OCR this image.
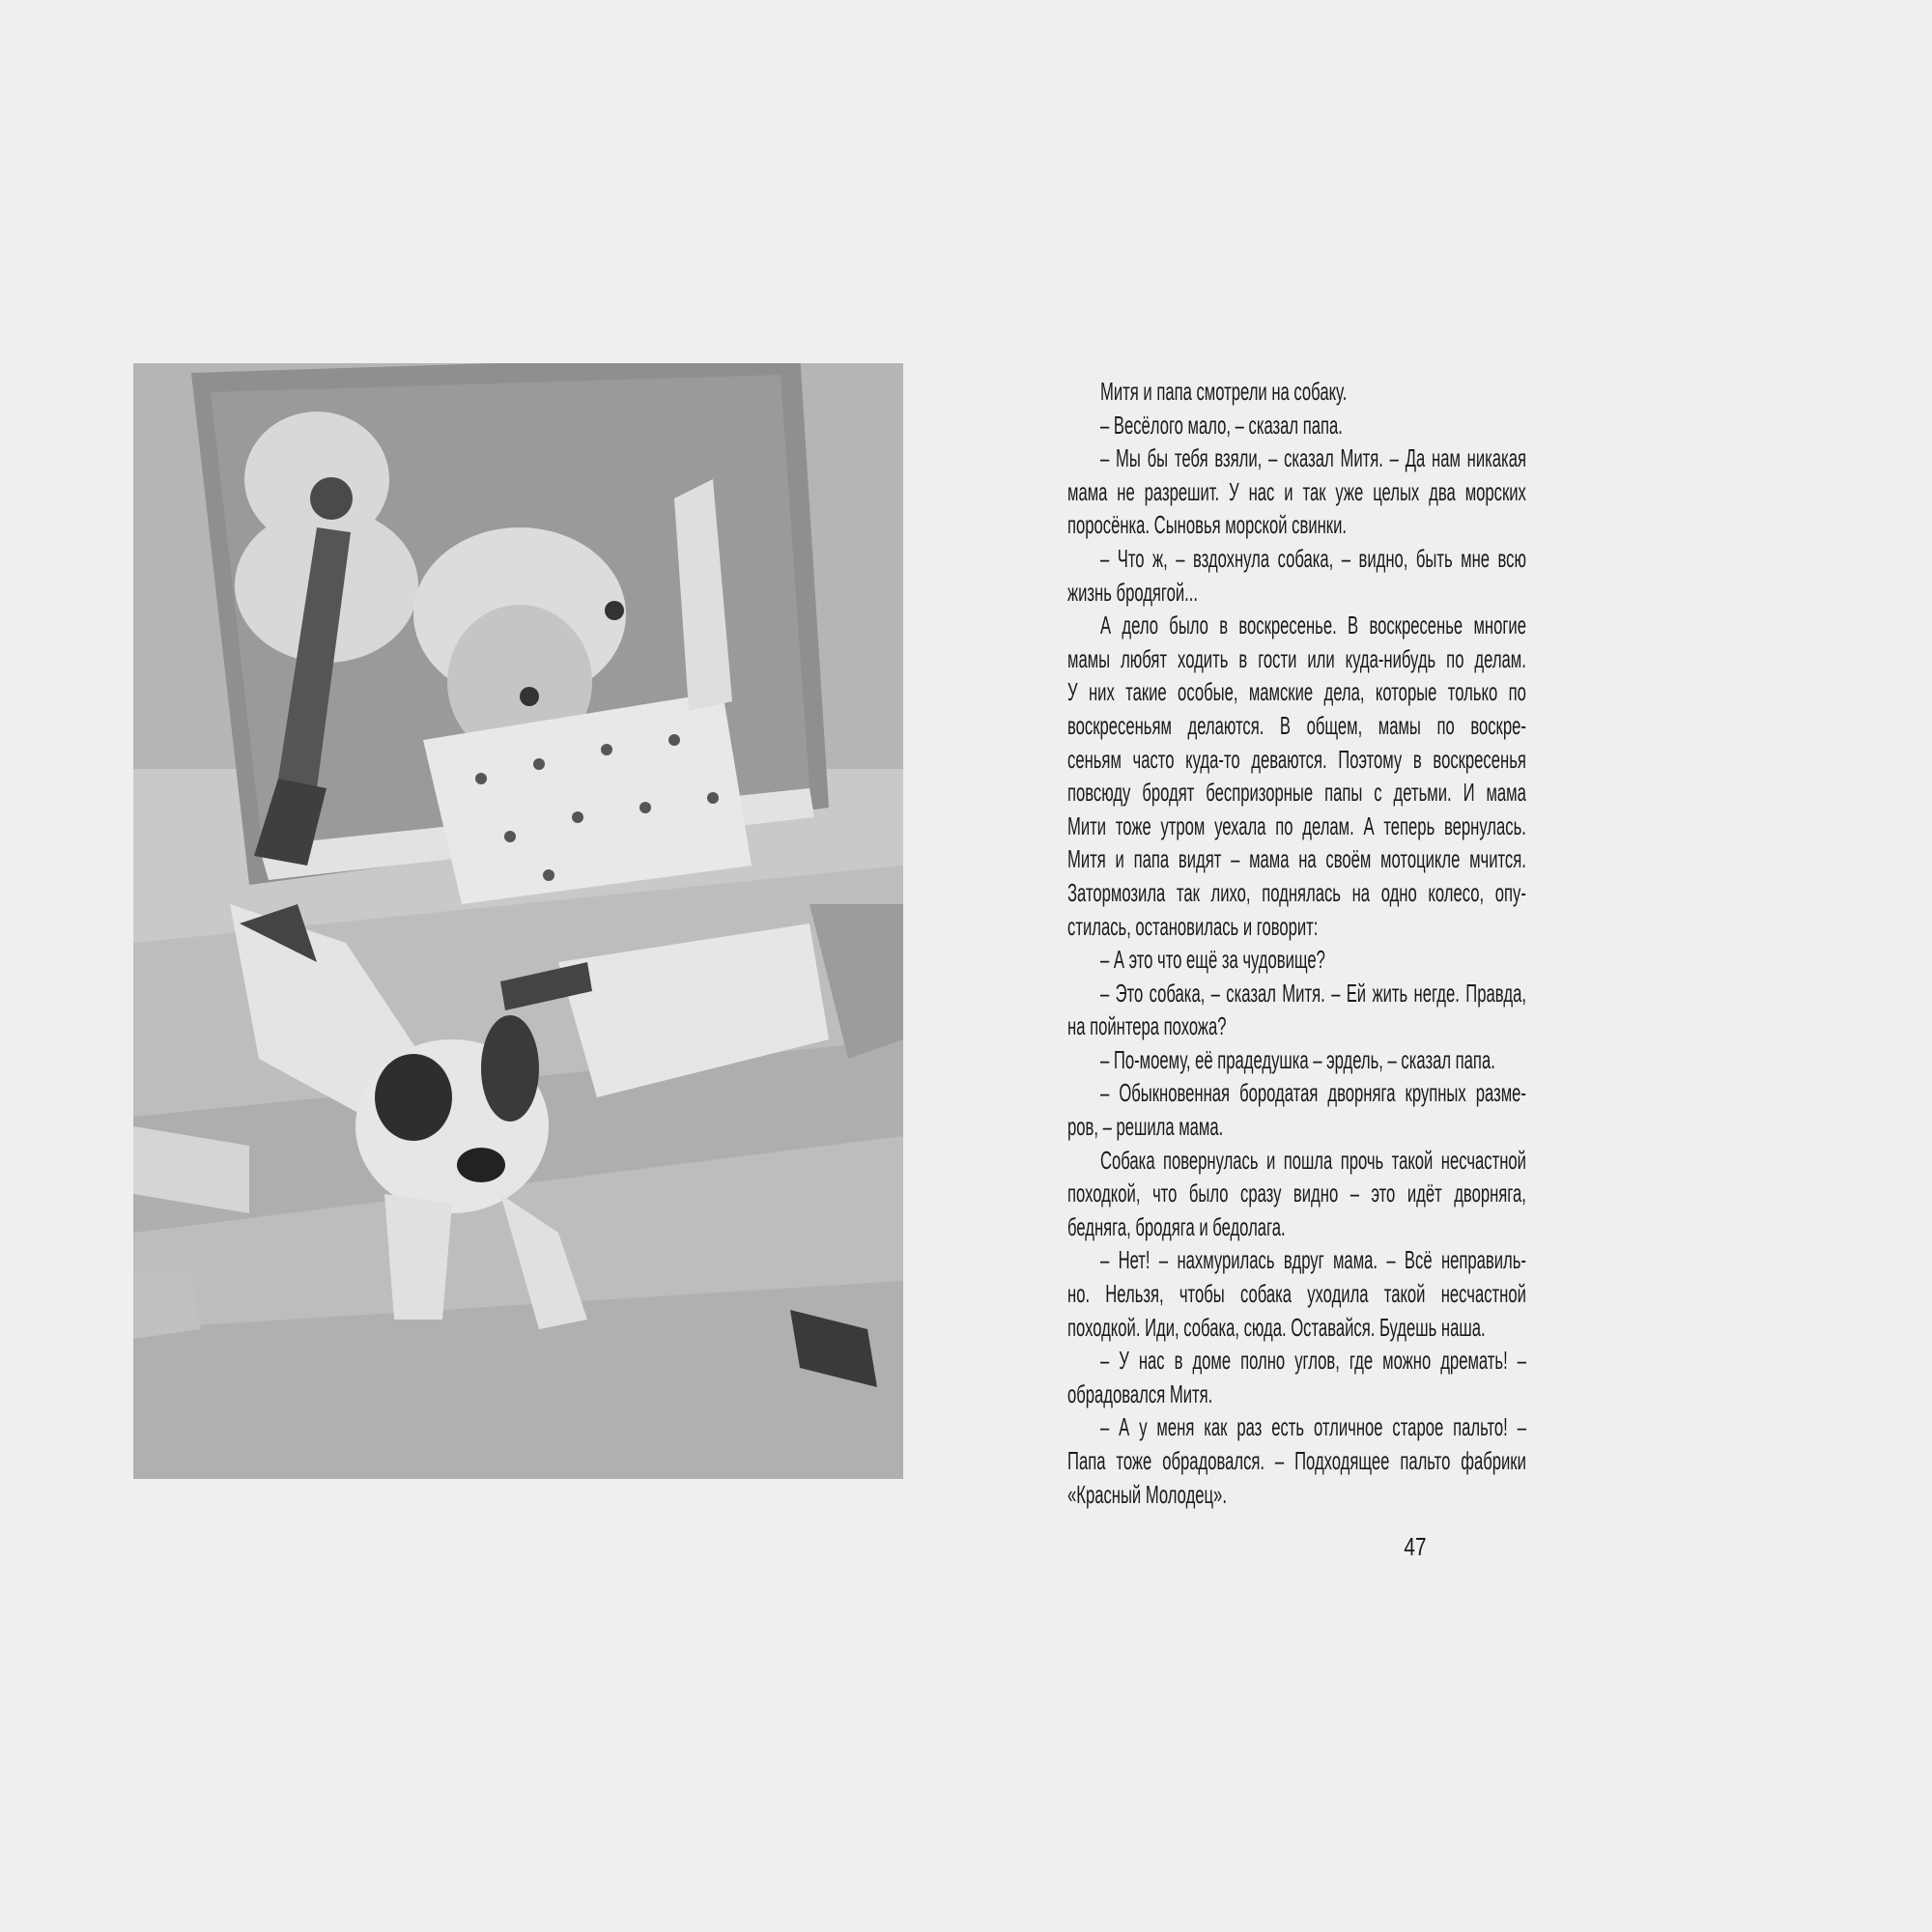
Митя и папа смотрели на собаку.
– Весёлого мало, – сказал папа.
– Мы бы тебя взяли, – сказал Митя. – Да нам никакая
мама не разрешит. У нас и так уже целых два морских
поросёнка. Сыновья морской свинки.
– Что ж, – вздохнула собака, – видно, быть мне всю
жизнь бродягой...
А дело было в воскресенье. В воскресенье многие
мамы любят ходить в гости или куда-нибудь по делам.
У них такие особые, мамские дела, которые только по
воскресеньям делаются. В общем, мамы по воскре-
сеньям часто куда-то деваются. Поэтому в воскресенья
повсюду бродят беспризорные папы с детьми. И мама
Мити тоже утром уехала по делам. А теперь вернулась.
Митя и папа видят – мама на своём мотоцикле мчится.
Затормозила так лихо, поднялась на одно колесо, опу-
стилась, остановилась и говорит:
– А это что ещё за чудовище?
– Это собака, – сказал Митя. – Ей жить негде. Правда,
на пойнтера похожа?
– По-моему, её прадедушка – эрдель, – сказал папа.
– Обыкновенная бородатая дворняга крупных разме-
ров, – решила мама.
Собака повернулась и пошла прочь такой несчастной
походкой, что было сразу видно – это идёт дворняга,
бедняга, бродяга и бедолага.
– Нет! – нахмурилась вдруг мама. – Всё неправиль-
но. Нельзя, чтобы собака уходила такой несчастной
походкой. Иди, собака, сюда. Оставайся. Будешь наша.
– У нас в доме полно углов, где можно дремать! –
обрадовался Митя.
– А у меня как раз есть отличное старое пальто! –
Папа тоже обрадовался. – Подходящее пальто фабрики
«Красный Молодец».
47
